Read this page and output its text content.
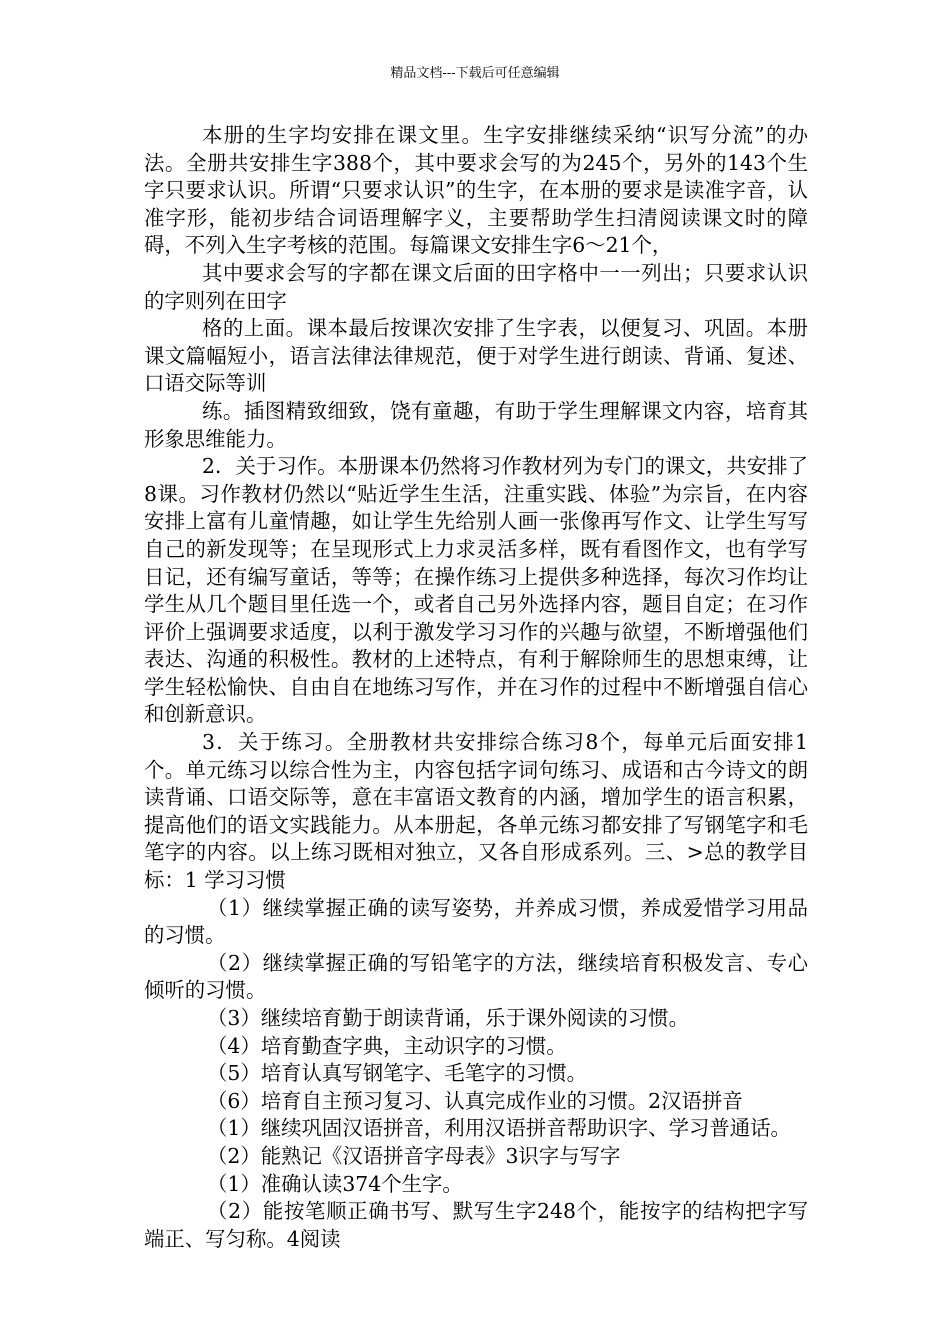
精品文档---下载后可任意编辑

本册的生字均安排在课文里。生字安排继续采纳“识写分流”的办法。全册共安排生字388个，其中要求会写的为245个，另外的143个生字只要求认识。所谓“只要求认识”的生字，在本册的要求是读准字音，认准字形，能初步结合词语理解字义，主要帮助学生扫清阅读课文时的障碍，不列入生字考核的范围。每篇课文安排生字6～21个，

其中要求会写的字都在课文后面的田字格中一一列出；只要求认识的字则列在田字

格的上面。课本最后按课次安排了生字表，以便复习、巩固。本册课文篇幅短小，语言法律法律规范，便于对学生进行朗读、背诵、复述、口语交际等训

练。插图精致细致，饶有童趣，有助于学生理解课文内容，培育其形象思维能力。

2．关于习作。本册课本仍然将习作教材列为专门的课文，共安排了8课。习作教材仍然以“贴近学生生活，注重实践、体验”为宗旨，在内容安排上富有儿童情趣，如让学生先给别人画一张像再写作文、让学生写写自己的新发现等；在呈现形式上力求灵活多样，既有看图作文，也有学写日记，还有编写童话，等等；在操作练习上提供多种选择，每次习作均让学生从几个题目里任选一个，或者自己另外选择内容，题目自定；在习作评价上强调要求适度，以利于激发学习习作的兴趣与欲望，不断增强他们表达、沟通的积极性。教材的上述特点，有利于解除师生的思想束缚，让学生轻松愉快、自由自在地练习写作，并在习作的过程中不断增强自信心和创新意识。

3．关于练习。全册教材共安排综合练习8个，每单元后面安排1个。单元练习以综合性为主，内容包括字词句练习、成语和古今诗文的朗读背诵、口语交际等，意在丰富语文教育的内涵，增加学生的语言积累，提高他们的语文实践能力。从本册起，各单元练习都安排了写钢笔字和毛笔字的内容。以上练习既相对独立，又各自形成系列。三、>总的教学目标：1 学习习惯

（1）继续掌握正确的读写姿势，并养成习惯，养成爱惜学习用品的习惯。

（2）继续掌握正确的写铅笔字的方法，继续培育积极发言、专心倾听的习惯。

（3）继续培育勤于朗读背诵，乐于课外阅读的习惯。

（4）培育勤查字典，主动识字的习惯。

（5）培育认真写钢笔字、毛笔字的习惯。

（6）培育自主预习复习、认真完成作业的习惯。2汉语拼音

（1）继续巩固汉语拼音，利用汉语拼音帮助识字、学习普通话。

（2）能熟记《汉语拼音字母表》3识字与写字

（1）准确认读374个生字。

（2）能按笔顺正确书写、默写生字248个，能按字的结构把字写端正、写匀称。4阅读
